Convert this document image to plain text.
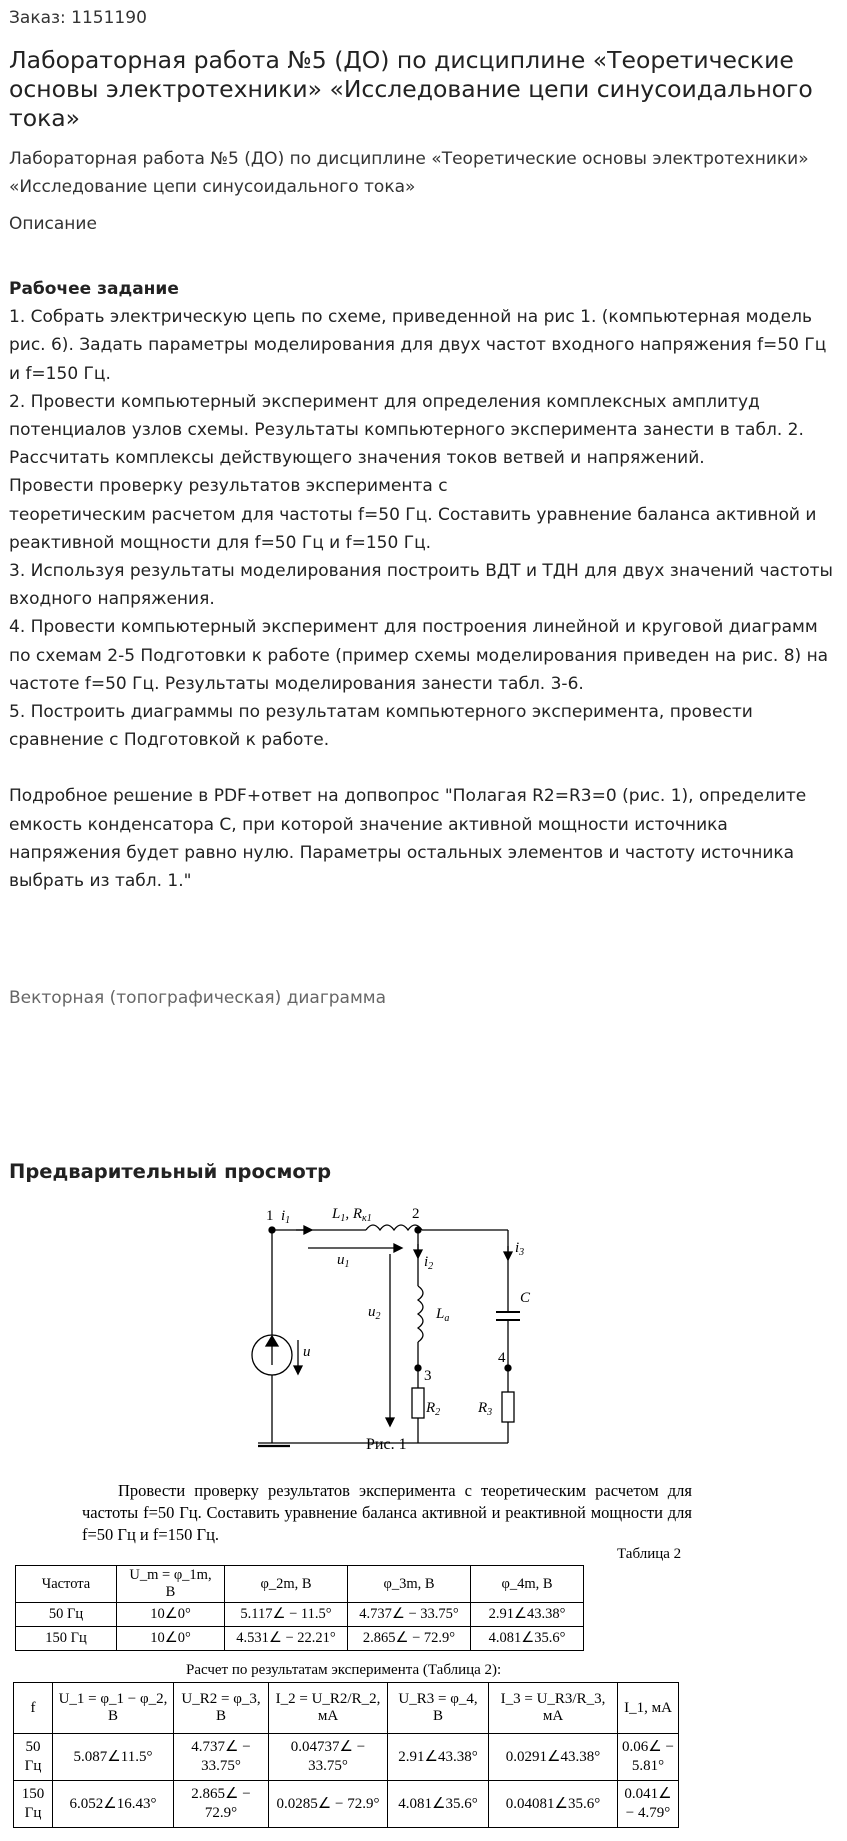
Заказ: 1151190
Лабораторная работа №5 (ДО) по дисциплине «Теоретические основы электротехники» «Исследование цепи синусоидального тока»
Лабораторная работа №5 (ДО) по дисциплине «Теоретические основы электротехники» «Исследование цепи синусоидального тока»
Описание
Рабочее задание
1. Собрать электрическую цепь по схеме, приведенной на рис 1. (компьютерная модель рис. 6). Задать параметры моделирования для двух частот входного напряжения f=50 Гц и f=150 Гц.
2. Провести компьютерный эксперимент для определения комплексных амплитуд потенциалов узлов схемы. Результаты компьютерного эксперимента занести в табл. 2. Рассчитать комплексы действующего значения токов ветвей и напряжений.
Провести проверку результатов эксперимента с
теоретическим расчетом для частоты f=50 Гц. Составить уравнение баланса активной и реактивной мощности для f=50 Гц и f=150 Гц.
3. Используя результаты моделирования построить ВДТ и ТДН для двух значений частоты входного напряжения.
4. Провести компьютерный эксперимент для построения линейной и круговой диаграмм по схемам 2-5 Подготовки к работе (пример схемы моделирования приведен на рис. 8) на частоте f=50 Гц. Результаты моделирования занести табл. 3-6.
5. Построить диаграммы по результатам компьютерного эксперимента, провести сравнение с Подготовкой к работе.
Подробное решение в PDF+ответ на допвопрос "Полагая R2=R3=0 (рис. 1), определите емкость конденсатора С, при которой значение активной мощности источника напряжения будет равно нулю. Параметры остальных элементов и частоту источника выбрать из табл. 1."
Векторная (топографическая) диаграмма
Предварительный просмотр
1 $i_1$	$L_1$, $R_{к1}$	2
$u_1$	$i_2$
$u_2$	$L_a$
3
$R_2$
$i_3$
C
4
$R_3$
u
Рис. 1

Провести проверку результатов эксперимента с теоретическим расчетом для частоты f=50 Гц. Составить уравнение баланса активной и реактивной мощности для f=50 Гц и f=150 Гц.

Таблица 2
Частота	U_m = φ_1m, В	φ_2m, В	φ_3m, В	φ_4m, В
50 Гц	10∠0°	5.117∠ − 11.5°	4.737∠ − 33.75°	2.91∠43.38°
150 Гц	10∠0°	4.531∠ − 22.21°	2.865∠ − 72.9°	4.081∠35.6°
Расчет по результатам эксперимента (Таблица 2):
f	U_1 = φ_1 − φ_2, В	U_R2 = φ_3, В	I_2 = U_R2/R_2, мА	U_R3 = φ_4, В	I_3 = U_R3/R_3, мА	I_1, мА
50 Гц	5.087∠11.5°	4.737∠ − 33.75°	0.04737∠ − 33.75°	2.91∠43.38°	0.0291∠43.38°	0.06∠ − 5.81°
150 Гц	6.052∠16.43°	2.865∠ − 72.9°	0.0285∠ − 72.9°	4.081∠35.6°	0.04081∠35.6°	0.041∠ − 4.79°
